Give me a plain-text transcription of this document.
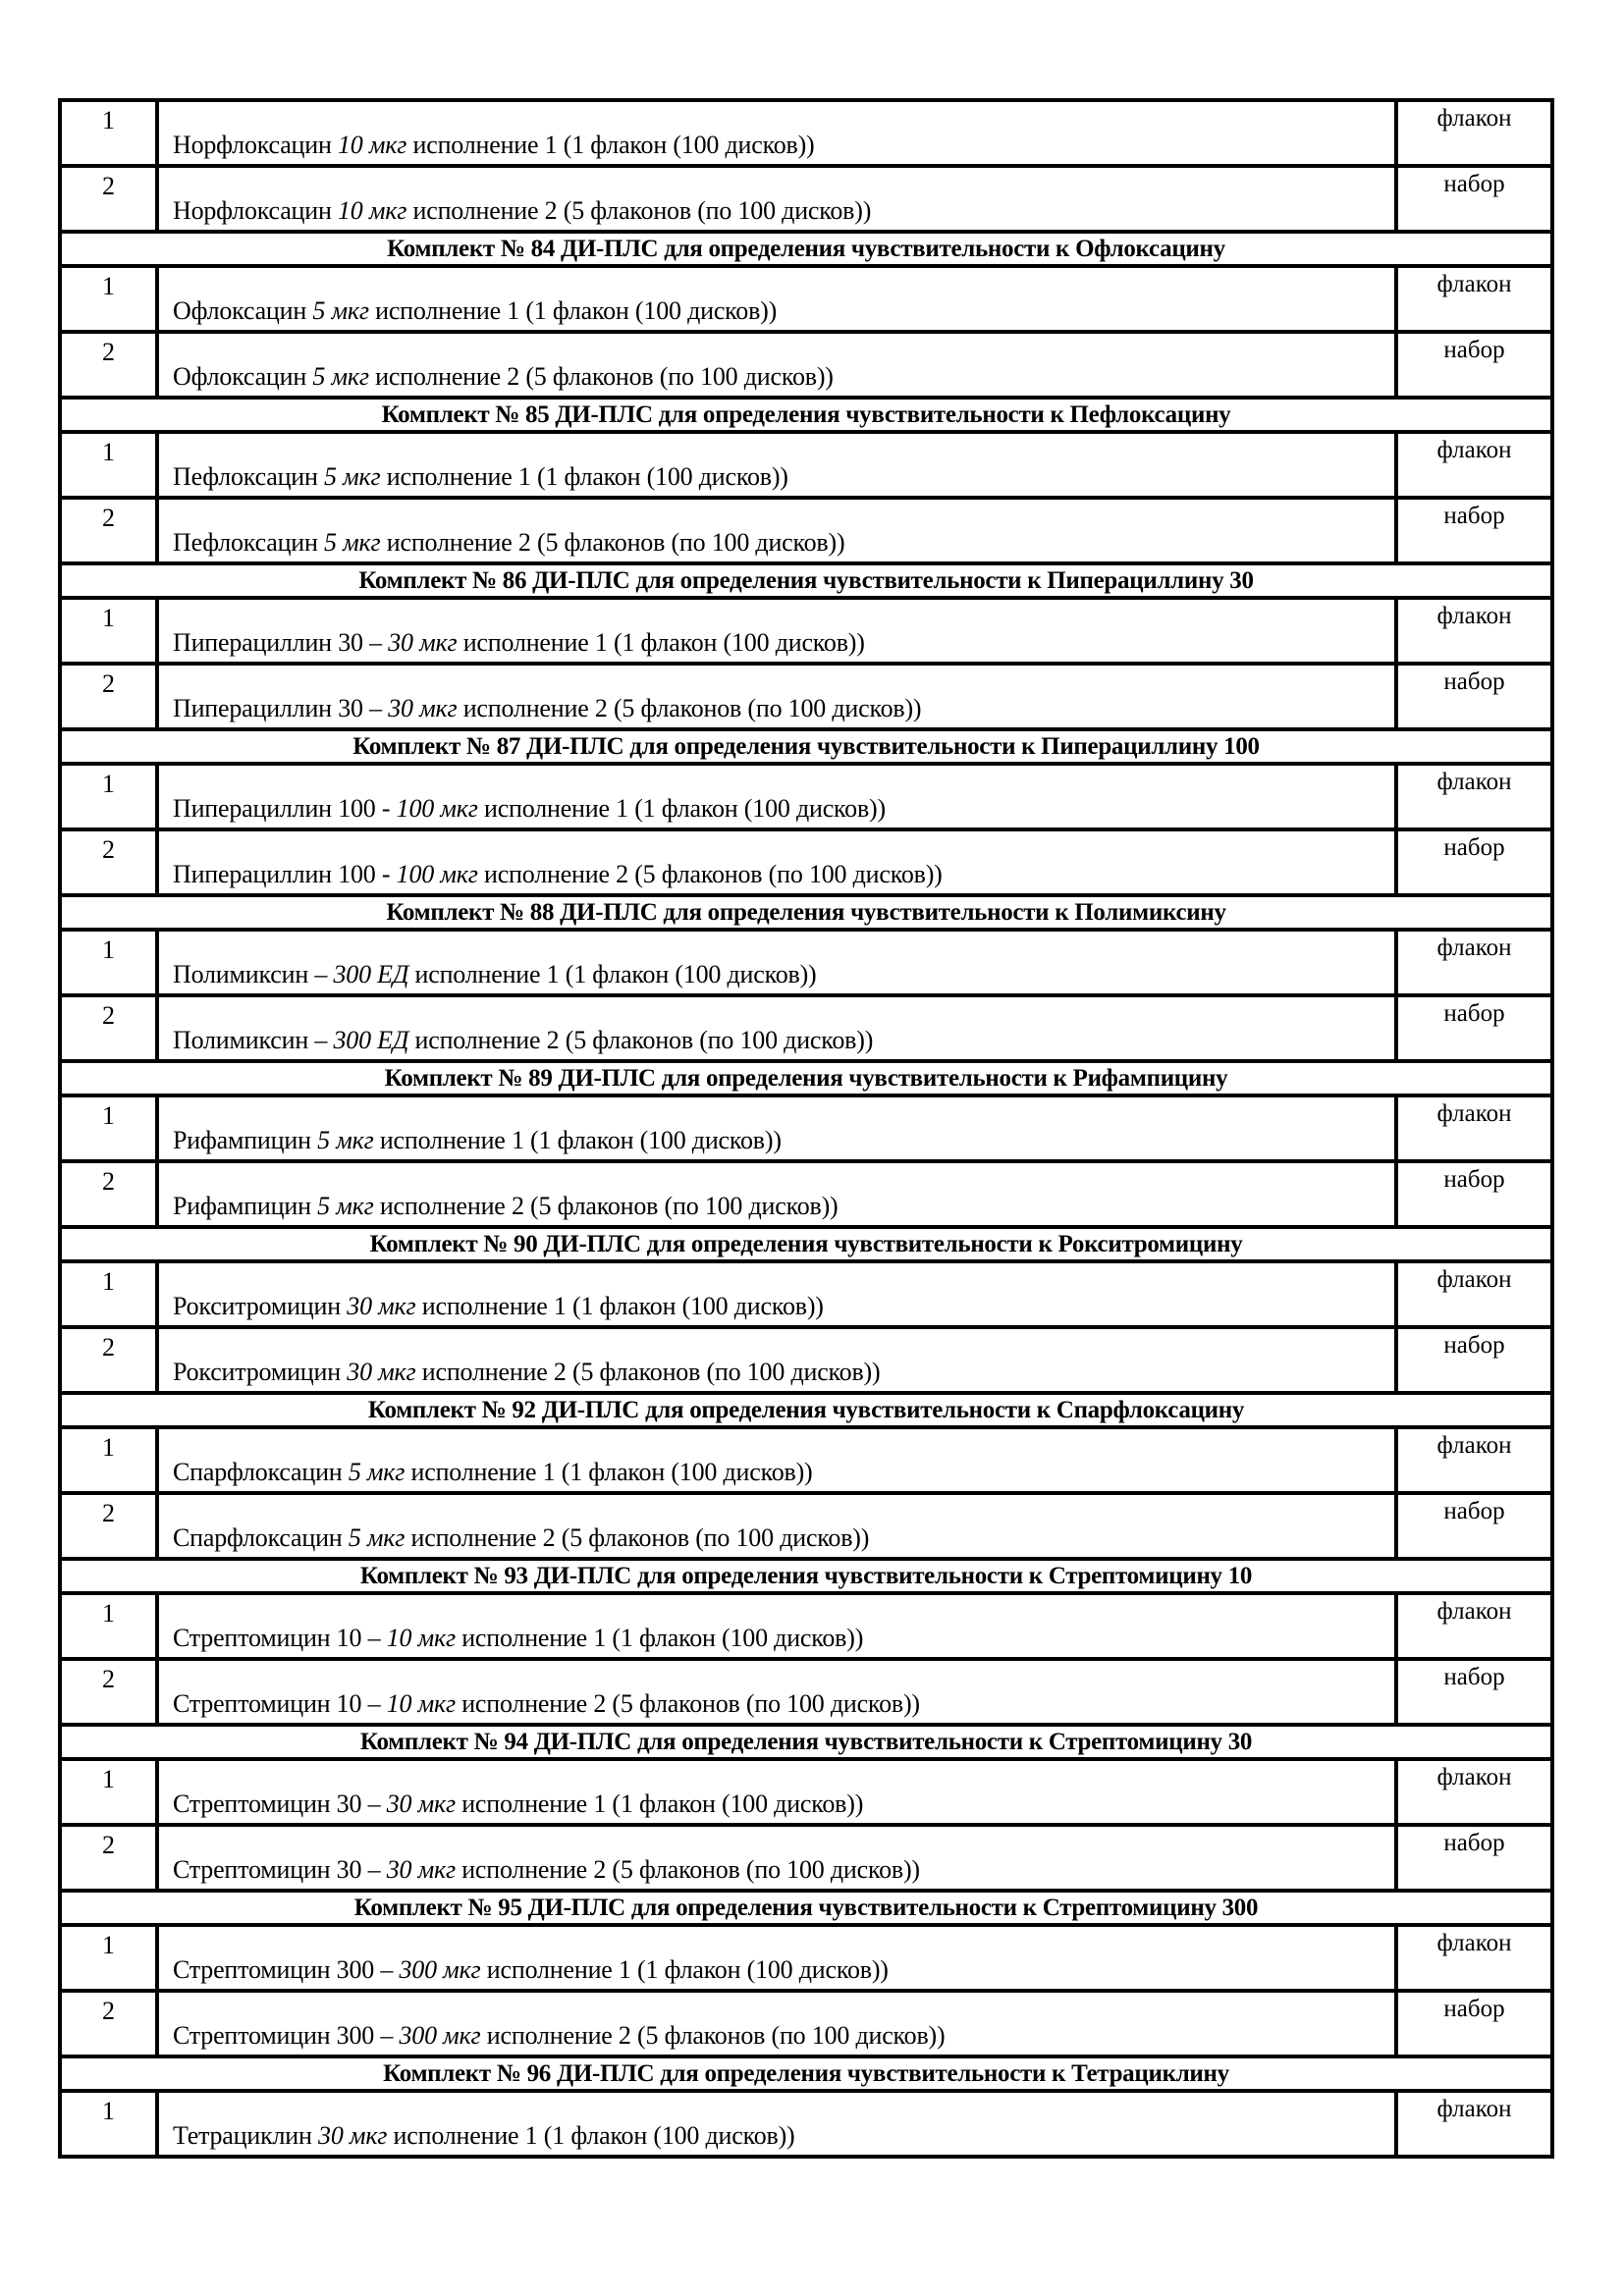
1	Норфлоксацин 10 мкг исполнение 1 (1 флакон (100 дисков))	флакон
2	Норфлоксацин 10 мкг исполнение 2 (5 флаконов (по 100 дисков))	набор
Комплект № 84 ДИ-ПЛС для определения чувствительности к Офлоксацину		
1	Офлоксацин 5 мкг исполнение 1 (1 флакон (100 дисков))	флакон
2	Офлоксацин 5 мкг исполнение 2 (5 флаконов (по 100 дисков))	набор
Комплект № 85 ДИ-ПЛС для определения чувствительности к Пефлоксацину		
1	Пефлоксацин 5 мкг исполнение 1 (1 флакон (100 дисков))	флакон
2	Пефлоксацин 5 мкг исполнение 2 (5 флаконов (по 100 дисков))	набор
Комплект № 86 ДИ-ПЛС для определения чувствительности к Пиперациллину 30		
1	Пиперациллин 30 – 30 мкг исполнение 1 (1 флакон (100 дисков))	флакон
2	Пиперациллин 30 – 30 мкг исполнение 2 (5 флаконов (по 100 дисков))	набор
Комплект № 87 ДИ-ПЛС для определения чувствительности к Пиперациллину 100		
1	Пиперациллин 100 - 100 мкг исполнение 1 (1 флакон (100 дисков))	флакон
2	Пиперациллин 100 - 100 мкг исполнение 2 (5 флаконов (по 100 дисков))	набор
Комплект № 88 ДИ-ПЛС для определения чувствительности к Полимиксину		
1	Полимиксин – 300 ЕД исполнение 1 (1 флакон (100 дисков))	флакон
2	Полимиксин – 300 ЕД исполнение 2 (5 флаконов (по 100 дисков))	набор
Комплект № 89 ДИ-ПЛС для определения чувствительности к Рифампицину		
1	Рифампицин 5 мкг исполнение 1 (1 флакон (100 дисков))	флакон
2	Рифампицин 5 мкг исполнение 2 (5 флаконов (по 100 дисков))	набор
Комплект № 90 ДИ-ПЛС для определения чувствительности к Рокситромицину		
1	Рокситромицин 30 мкг исполнение 1 (1 флакон (100 дисков))	флакон
2	Рокситромицин 30 мкг исполнение 2 (5 флаконов (по 100 дисков))	набор
Комплект № 92 ДИ-ПЛС для определения чувствительности к Спарфлоксацину		
1	Спарфлоксацин 5 мкг исполнение 1 (1 флакон (100 дисков))	флакон
2	Спарфлоксацин 5 мкг исполнение 2 (5 флаконов (по 100 дисков))	набор
Комплект № 93 ДИ-ПЛС для определения чувствительности к Стрептомицину 10		
1	Стрептомицин 10 – 10 мкг исполнение 1 (1 флакон (100 дисков))	флакон
2	Стрептомицин 10 – 10 мкг исполнение 2 (5 флаконов (по 100 дисков))	набор
Комплект № 94 ДИ-ПЛС для определения чувствительности к Стрептомицину 30		
1	Стрептомицин 30 – 30 мкг исполнение 1 (1 флакон (100 дисков))	флакон
2	Стрептомицин 30 – 30 мкг исполнение 2 (5 флаконов (по 100 дисков))	набор
Комплект № 95 ДИ-ПЛС для определения чувствительности к Стрептомицину 300		
1	Стрептомицин 300 – 300 мкг исполнение 1 (1 флакон (100 дисков))	флакон
2	Стрептомицин 300 – 300 мкг исполнение 2 (5 флаконов (по 100 дисков))	набор
Комплект № 96 ДИ-ПЛС для определения чувствительности к Тетрациклину		
1	Тетрациклин 30 мкг исполнение 1 (1 флакон (100 дисков))	флакон
